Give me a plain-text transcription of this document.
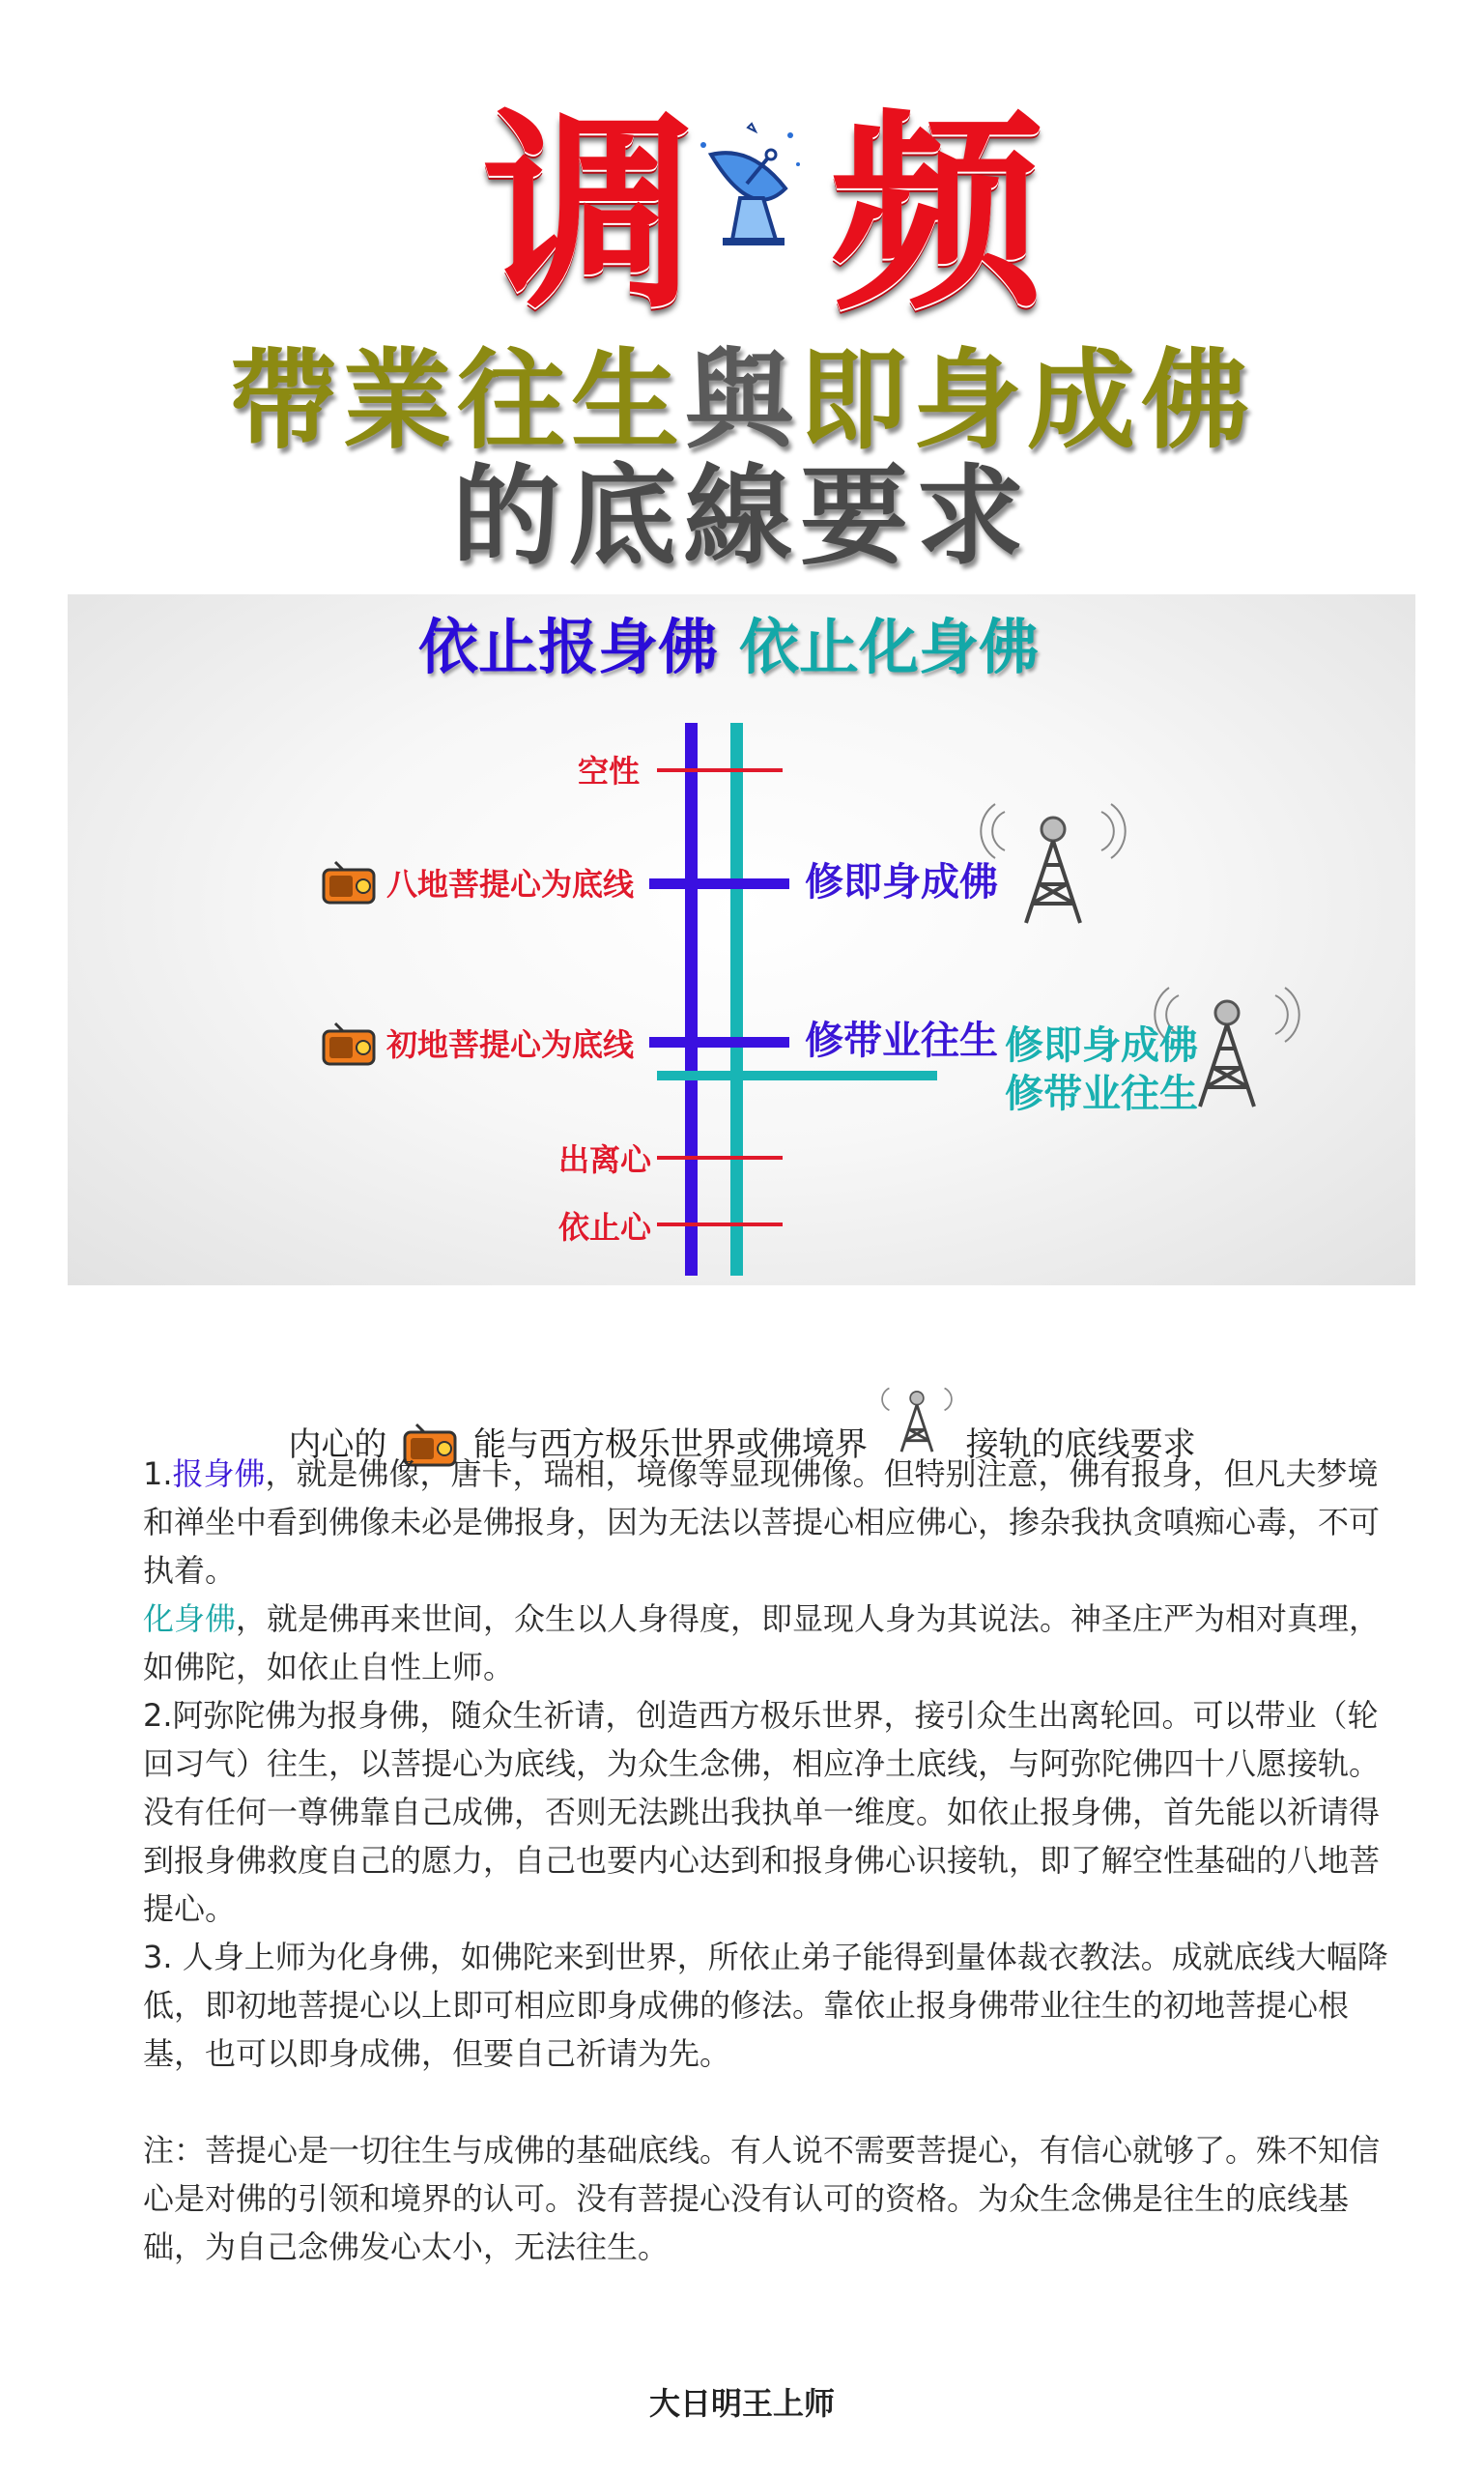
调 频
帶業往生與即身成佛
的底線要求
依止报身佛 依止化身佛
空性
八地菩提心为底线
初地菩提心为底线
出离心
依止心
修即身成佛
修带业往生 修即身成佛
修带业往生
内心的	能与西方极乐世界或佛境界	接轨的底线要求

1.报身佛，就是佛像，唐卡，瑞相，境像等显现佛像。但特别注意，佛有报身，但凡夫梦境和禅坐中看到佛像未必是佛报身，因为无法以菩提心相应佛心，掺杂我执贪嗔痴心毒，不可执着。

化身佛，就是佛再来世间，众生以人身得度，即显现人身为其说法。神圣庄严为相对真理，如佛陀，如依止自性上师。

2.阿弥陀佛为报身佛，随众生祈请，创造西方极乐世界，接引众生出离轮回。可以带业（轮回习气）往生，以菩提心为底线，为众生念佛，相应净土底线，与阿弥陀佛四十八愿接轨。

没有任何一尊佛靠自己成佛，否则无法跳出我执单一维度。如依止报身佛，首先能以祈请得到报身佛救度自己的愿力，自己也要内心达到和报身佛心识接轨，即了解空性基础的八地菩提心。

3. 人身上师为化身佛，如佛陀来到世界，所依止弟子能得到量体裁衣教法。成就底线大幅降低，即初地菩提心以上即可相应即身成佛的修法。靠依止报身佛带业往生的初地菩提心根基，也可以即身成佛，但要自己祈请为先。

注：菩提心是一切往生与成佛的基础底线。有人说不需要菩提心，有信心就够了。殊不知信心是对佛的引领和境界的认可。没有菩提心没有认可的资格。为众生念佛是往生的底线基础，为自己念佛发心太小，无法往生。

大日明王上师
